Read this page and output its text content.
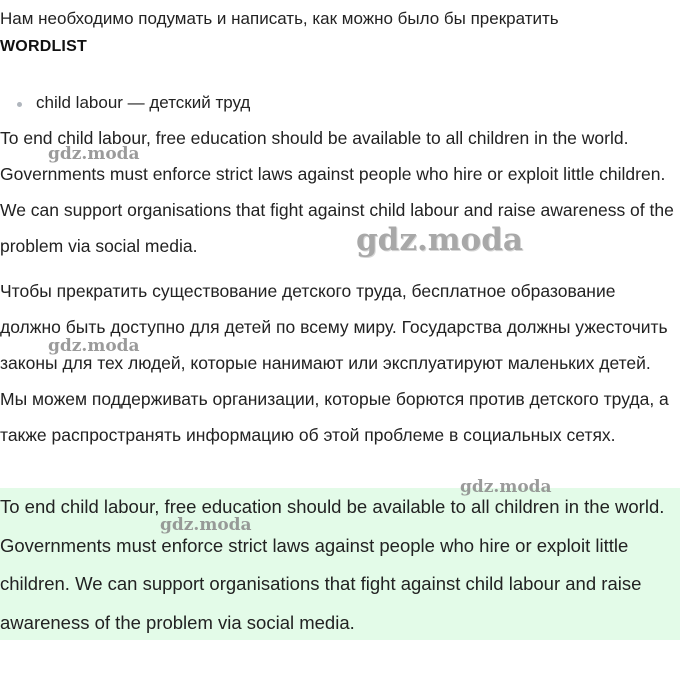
Нам необходимо подумать и написать, как можно было бы прекратить
WORDLIST
child labour — детский труд

To end child labour, free education should be available to all children in the world. Governments must enforce strict laws against people who hire or exploit little children. We can support organisations that fight against child labour and raise awareness of the problem via social media.

Чтобы прекратить существование детского труда, бесплатное образование должно быть доступно для детей по всему миру. Государства должны ужесточить законы для тех людей, которые нанимают или эксплуатируют маленьких детей. Мы можем поддерживать организации, которые борются против детского труда, а также распространять информацию об этой проблеме в социальных сетях.

To end child labour, free education should be available to all children in the world. Governments must enforce strict laws against people who hire or exploit little children. We can support organisations that fight against child labour and raise awareness of the problem via social media.

gdz.moda
gdz.moda
gdz.moda
gdz.moda
gdz.moda
